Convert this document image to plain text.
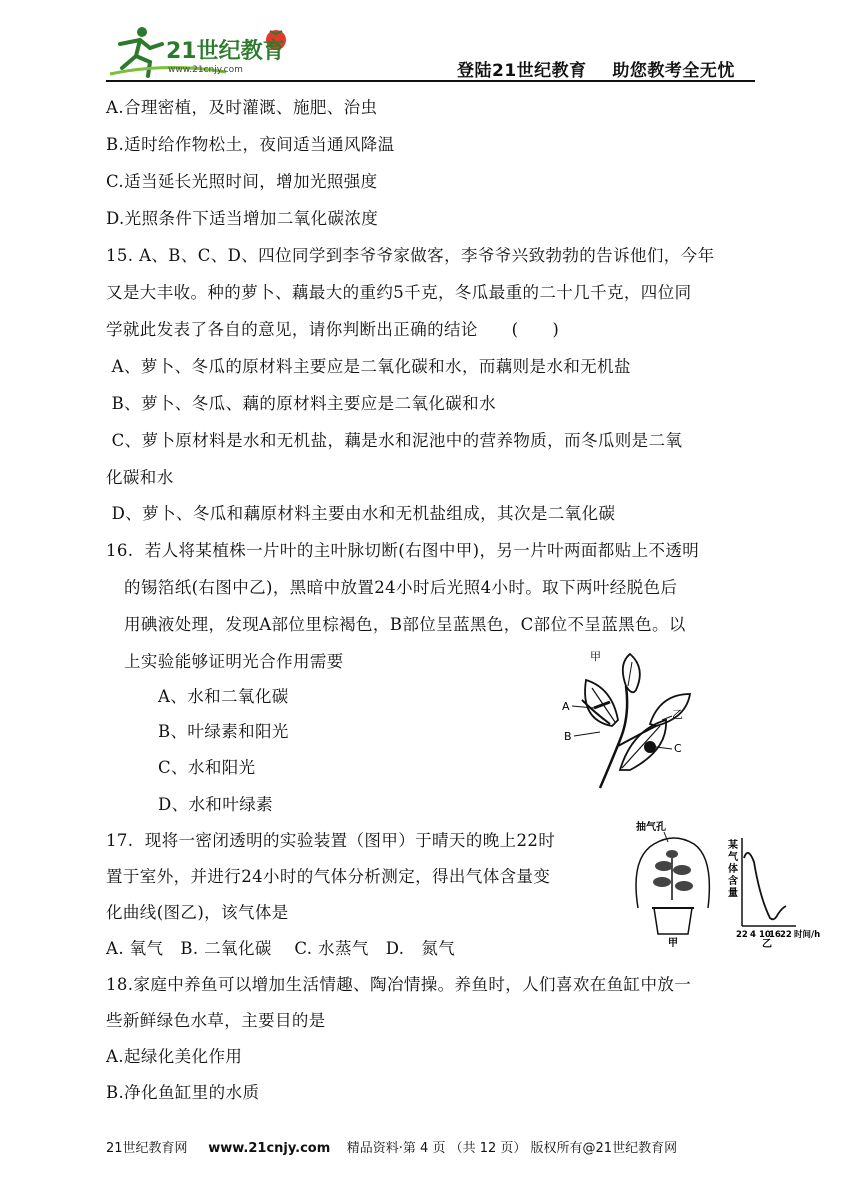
21世纪教育
www.21cnjy.com	登陆21世纪教育    助您教考全无忧
A.合理密植，及时灌溉、施肥、治虫
B.适时给作物松土，夜间适当通风降温
C.适当延长光照时间，增加光照强度
D.光照条件下适当增加二氧化碳浓度
15. A、B、C、D、四位同学到李爷爷家做客，李爷爷兴致勃勃的告诉他们，今年
又是大丰收。种的萝卜、藕最大的重约5千克，冬瓜最重的二十几千克，四位同
学就此发表了各自的意见，请你判断出正确的结论      (      )
A、萝卜、冬瓜的原材料主要应是二氧化碳和水，而藕则是水和无机盐
B、萝卜、冬瓜、藕的原材料主要应是二氧化碳和水
C、萝卜原材料是水和无机盐，藕是水和泥池中的营养物质，而冬瓜则是二氧
化碳和水
D、萝卜、冬瓜和藕原材料主要由水和无机盐组成，其次是二氧化碳
16.  若人将某植株一片叶的主叶脉切断(右图中甲)，另一片叶两面都贴上不透明
的锡箔纸(右图中乙)，黑暗中放置24小时后光照4小时。取下两叶经脱色后
用碘液处理，发现A部位里棕褐色，B部位呈蓝黑色，C部位不呈蓝黑色。以
上实验能够证明光合作用需要
A、水和二氧化碳
B、叶绿素和阳光
C、水和阳光
D、水和叶绿素
17.  现将一密闭透明的实验装置（图甲）于晴天的晚上22时
置于室外，并进行24小时的气体分析测定，得出气体含量变
化曲线(图乙)，该气体是
A. 氧气   B. 二氧化碳    C. 水蒸气   D.   氮气
18.家庭中养鱼可以增加生活情趣、陶冶情操。养鱼时，人们喜欢在鱼缸中放一
些新鲜绿色水草，主要目的是
A.起绿化美化作用
B.净化鱼缸里的水质
甲
A
B
C
乙
抽气孔
甲
某
气
体
含
量
22 4 10
16 22 时间/h
乙
21世纪教育网 www.21cnjy.com 精品资料·第 4 页 （共 12 页） 版权所有@21世纪教育网
